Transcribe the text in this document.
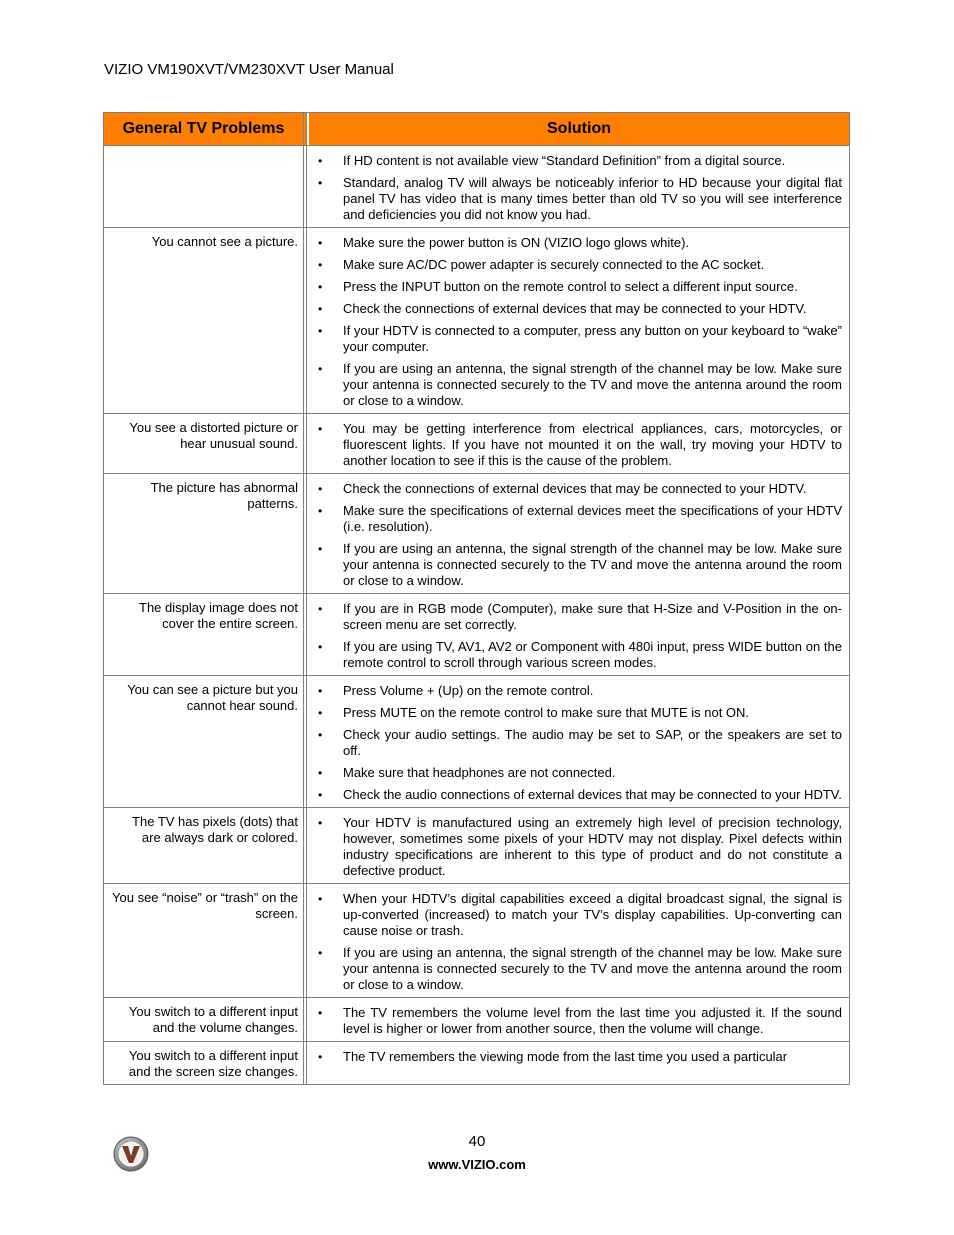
VIZIO VM190XVT/VM230XVT User Manual
General TV Problems	Solution
• If HD content is not available view “Standard Definition” from a digital source.
• Standard, analog TV will always be noticeably inferior to HD because your digital flat panel TV has video that is many times better than old TV so you will see interference and deficiencies you did not know you had.
You cannot see a picture.
•	Make sure the power button is ON (VIZIO logo glows white).
• Make sure AC/DC power adapter is securely connected to the AC socket.
• Press the INPUT button on the remote control to select a different input source.
• Check the connections of external devices that may be connected to your HDTV.
• If your HDTV is connected to a computer, press any button on your keyboard to “wake” your computer.
• If you are using an antenna, the signal strength of the channel may be low. Make sure your antenna is connected securely to the TV and move the antenna around the room or close to a window.
You see a distorted picture or hear unusual sound.
• You may be getting interference from electrical appliances, cars, motorcycles, or fluorescent lights. If you have not mounted it on the wall, try moving your HDTV to another location to see if this is the cause of the problem.
The picture has abnormal patterns.
• Check the connections of external devices that may be connected to your HDTV.
• Make sure the specifications of external devices meet the specifications of your HDTV (i.e. resolution).
• If you are using an antenna, the signal strength of the channel may be low. Make sure your antenna is connected securely to the TV and move the antenna around the room or close to a window.
The display image does not cover the entire screen.
• If you are in RGB mode (Computer), make sure that H-Size and V-Position in the on-screen menu are set correctly.
• If you are using TV, AV1, AV2 or Component with 480i input, press WIDE button on the remote control to scroll through various screen modes.
You can see a picture but you cannot hear sound.
• Press Volume + (Up) on the remote control.
• Press MUTE on the remote control to make sure that MUTE is not ON.
• Check your audio settings. The audio may be set to SAP, or the speakers are set to off.
• Make sure that headphones are not connected.
• Check the audio connections of external devices that may be connected to your HDTV.
The TV has pixels (dots) that are always dark or colored.
• Your HDTV is manufactured using an extremely high level of precision technology, however, sometimes some pixels of your HDTV may not display. Pixel defects within industry specifications are inherent to this type of product and do not constitute a defective product.
You see “noise” or “trash” on the screen.
• When your HDTV’s digital capabilities exceed a digital broadcast signal, the signal is up-converted (increased) to match your TV’s display capabilities. Up-converting can cause noise or trash.
• If you are using an antenna, the signal strength of the channel may be low. Make sure your antenna is connected securely to the TV and move the antenna around the room or close to a window.
You switch to a different input and the volume changes.
• The TV remembers the volume level from the last time you adjusted it. If the sound level is higher or lower from another source, then the volume will change.
You switch to a different input and the screen size changes.
• The TV remembers the viewing mode from the last time you used a particular
40
www.VIZIO.com
